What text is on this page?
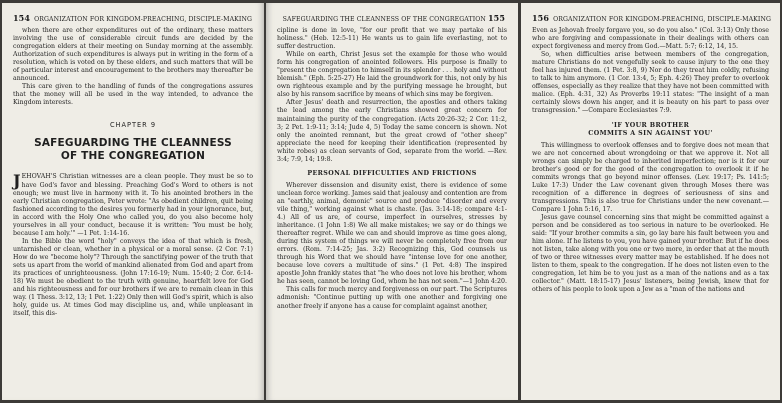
154 ORGANIZATION FOR KINGDOM-PREACHING, DISCIPLE-MAKING

when there are other expenditures out of the ordinary, these matters involving the use of considerable circuit funds are decided by the congregation elders at their meeting on Sunday morning at the assembly. Authorization of such expenditures is always put in writing in the form of a resolution, which is voted on by these elders, and such matters that will be of particular interest and encouragement to the brothers may thereafter be announced.

This care given to the handling of funds of the congregations assures that the money will all be used in the way intended, to advance the Kingdom interests.

CHAPTER 9
SAFEGUARDING THE CLEANNESS
OF THE CONGREGATION

JEHOVAH'S Christian witnesses are a clean people. They must be so to have God's favor and blessing. Preaching God's Word to others is not enough; we must live in harmony with it. To his anointed brothers in the early Christian congregation, Peter wrote: "As obedient children, quit being fashioned according to the desires you formerly had in your ignorance, but, in accord with the Holy One who called you, do you also become holy yourselves in all your conduct, because it is written: 'You must be holy, because I am holy.'" —1 Pet. 1:14-16.

In the Bible the word "holy" conveys the idea of that which is fresh, untarnished or clean, whether in a physical or a moral sense. (2 Cor. 7:1) How do we "become holy"? Through the sanctifying power of the truth that sets us apart from the world of mankind alienated from God and apart from its practices of unrighteousness. (John 17:16-19; Num. 15:40; 2 Cor. 6:14-18) We must be obedient to the truth with genuine, heartfelt love for God and his righteousness and for our brothers if we are to remain clean in this way. (1 Thess. 3:12, 13; 1 Pet. 1:22) Only then will God's spirit, which is also holy, guide us. At times God may discipline us, and, while unpleasant in itself, this dis-

SAFEGUARDING THE CLEANNESS OF THE CONGREGATION 155

cipline is done in love, "for our profit that we may partake of his holiness." (Heb. 12:5-11) He wants us to gain life everlasting, not to suffer destruction.

While on earth, Christ Jesus set the example for those who would form his congregation of anointed followers. His purpose is finally to "present the congregation to himself in its splendor . . . holy and without blemish." (Eph. 5:25-27) He laid the groundwork for this, not only by his own righteous example and by the purifying message he brought, but also by his ransom sacrifice by means of which sins may be forgiven.

After Jesus' death and resurrection, the apostles and others taking the lead among the early Christians showed great concern for maintaining the purity of the congregation. (Acts 20:26-32; 2 Cor. 11:2, 3; 2 Pet. 1:9-11; 3:14; Jude 4, 5) Today the same concern is shown. Not only the anointed remnant, but the great crowd of "other sheep" appreciate the need for keeping their identification (represented by white robes) as clean servants of God, separate from the world. —Rev. 3:4; 7:9, 14; 19:8.

PERSONAL DIFFICULTIES AND FRICTIONS

Wherever dissension and disunity exist, there is evidence of some unclean force working. James said that jealousy and contention are from an "earthly, animal, demonic" source and produce "disorder and every vile thing," working against what is chaste. (Jas. 3:14-18; compare 4:1-4.) All of us are, of course, imperfect in ourselves, stresses by inheritance. (1 John 1:8) We all make mistakes; we say or do things we thereafter regret. While we can and should improve as time goes along, during this system of things we will never be completely free from our errors. (Rom. 7:14-25; Jas. 3:2) Recognizing this, God counsels us through his Word that we should have "intense love for one another, because love covers a multitude of sins." (1 Pet. 4:8) The inspired apostle John frankly states that "he who does not love his brother, whom he has seen, cannot be loving God, whom he has not seen."—1 John 4:20.

This calls for much mercy and forgiveness on our part. The Scriptures admonish: "Continue putting up with one another and forgiving one another freely if anyone has a cause for complaint against another,

156 ORGANIZATION FOR KINGDOM-PREACHING, DISCIPLE-MAKING

Even as Jehovah freely forgave you, so do you also." (Col. 3:13) Only those who are forgiving and compassionate in their dealings with others can expect forgiveness and mercy from God.—Matt. 5:7; 6:12, 14, 15.

So, when difficulties arise between members of the congregation, mature Christians do not vengefully seek to cause injury to the one they feel has injured them. (1 Pet. 3:8, 9) Nor do they treat him coldly, refusing to talk to him anymore. (1 Cor. 13:4, 5; Eph. 4:26) They prefer to overlook offenses, especially as they realize that they have not been committed with malice. (Eph. 4:31, 32) As Proverbs 19:11 states: "The insight of a man certainly slows down his anger, and it is beauty on his part to pass over transgression." —Compare Ecclesiastes 7:9.

'IF YOUR BROTHER
COMMITS A SIN AGAINST YOU'

This willingness to overlook offenses and to forgive does not mean that we are not concerned about wrongdoing or that we approve it. Not all wrongs can simply be charged to inherited imperfection; nor is it for our brother's good or for the good of the congregation to overlook it if he commits wrongs that go beyond minor offenses. (Lev. 19:17; Ps. 141:5; Luke 17:3) Under the Law covenant given through Moses there was recognition of a difference in degrees of seriousness of sins and transgressions. This is also true for Christians under the new covenant.—Compare 1 John 5:16, 17.

Jesus gave counsel concerning sins that might be committed against a person and be considered as too serious in nature to be overlooked. He said: "If your brother commits a sin, go lay bare his fault between you and him alone. If he listens to you, you have gained your brother. But if he does not listen, take along with you one or two more, in order that at the mouth of two or three witnesses every matter may be established. If he does not listen to them, speak to the congregation. If he does not listen even to the congregation, let him be to you just as a man of the nations and as a tax collector." (Matt. 18:15-17) Jesus' listeners, being Jewish, knew that for others of his people to look upon a Jew as a "man of the nations and
